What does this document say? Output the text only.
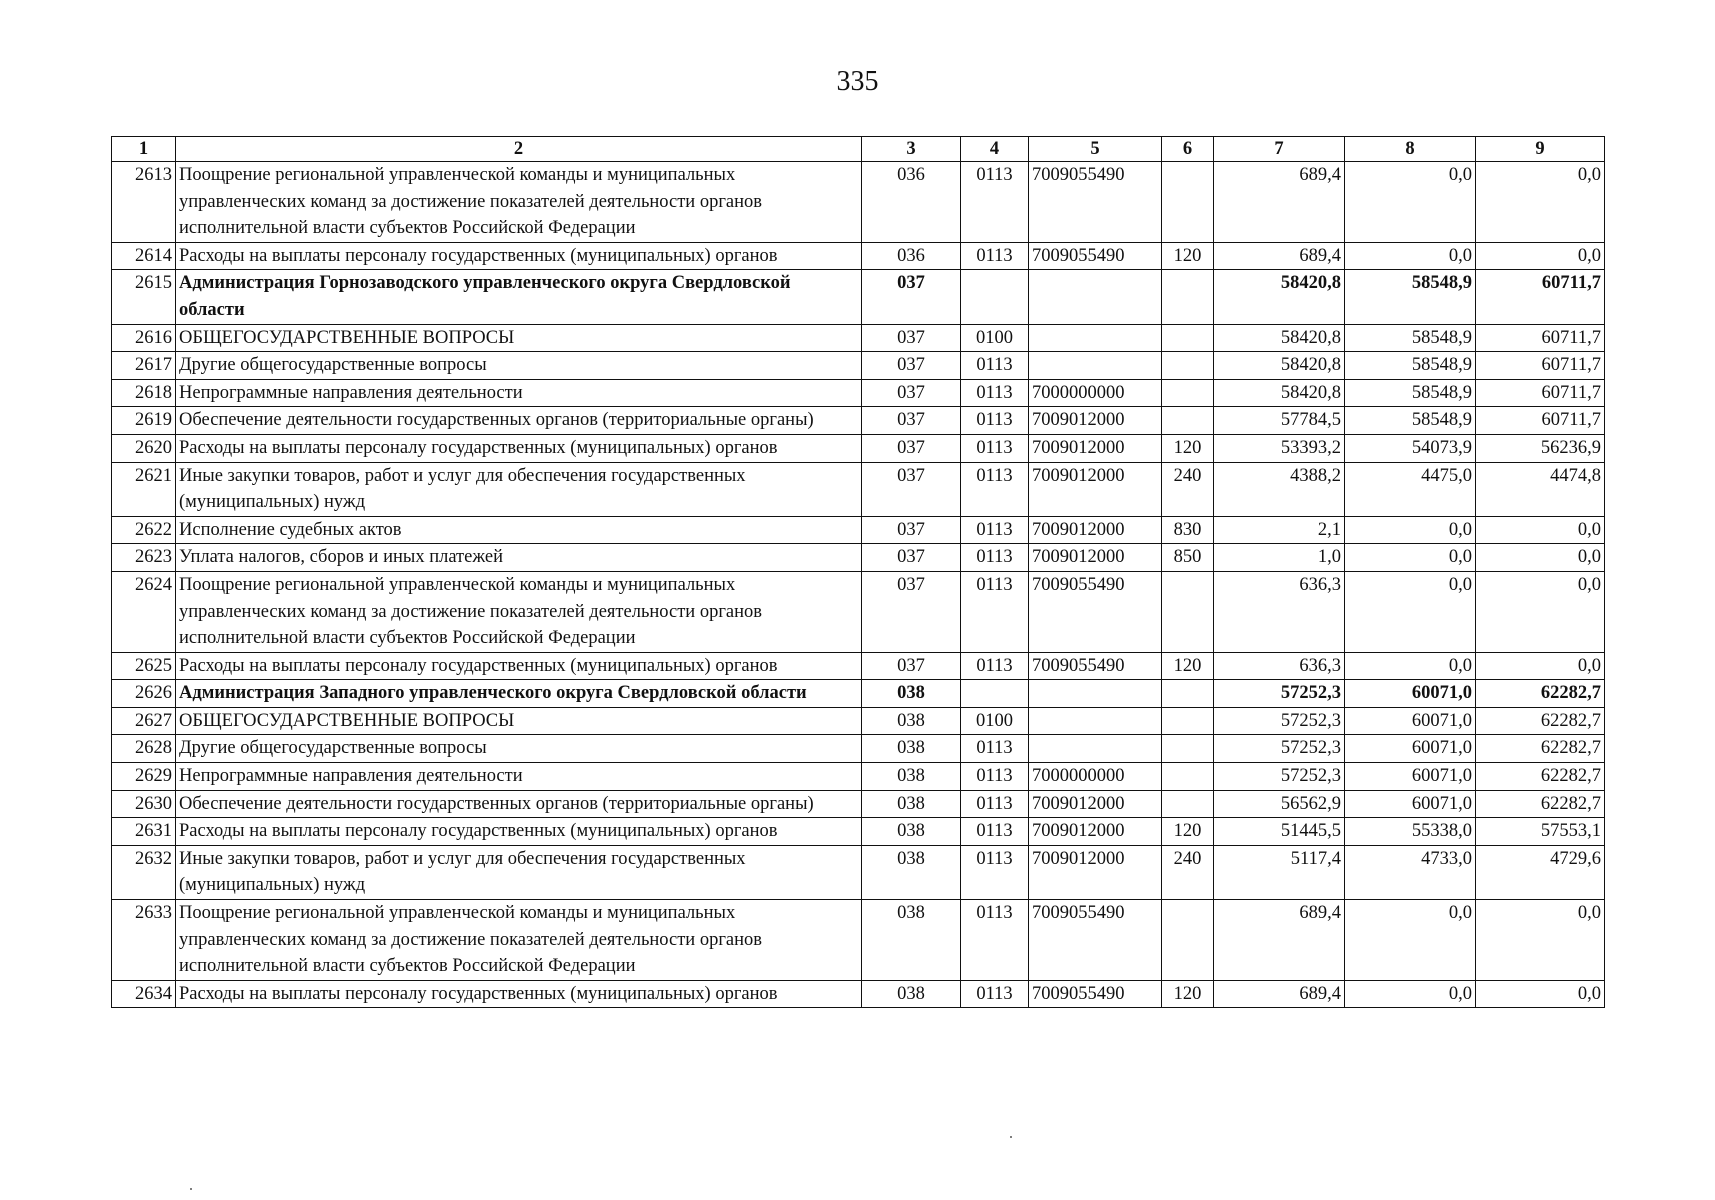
335
1	2	3	4	5	6	7	8	9
2613	Поощрение региональной управленческой команды и муниципальных управленческих команд за достижение показателей деятельности органов исполнительной власти субъектов Российской Федерации	036	0113	7009055490		689,4	0,0	0,0
2614	Расходы на выплаты персоналу государственных (муниципальных) органов	036	0113	7009055490	120	689,4	0,0	0,0
2615	Администрация Горнозаводского управленческого округа Свердловской области	037				58420,8	58548,9	60711,7
2616	ОБЩЕГОСУДАРСТВЕННЫЕ ВОПРОСЫ	037	0100			58420,8	58548,9	60711,7
2617	Другие общегосударственные вопросы	037	0113			58420,8	58548,9	60711,7
2618	Непрограммные направления деятельности	037	0113	7000000000		58420,8	58548,9	60711,7
2619	Обеспечение деятельности государственных органов (территориальные органы)	037	0113	7009012000		57784,5	58548,9	60711,7
2620	Расходы на выплаты персоналу государственных (муниципальных) органов	037	0113	7009012000	120	53393,2	54073,9	56236,9
2621	Иные закупки товаров, работ и услуг для обеспечения государственных (муниципальных) нужд	037	0113	7009012000	240	4388,2	4475,0	4474,8
2622	Исполнение судебных актов	037	0113	7009012000	830	2,1	0,0	0,0
2623	Уплата налогов, сборов и иных платежей	037	0113	7009012000	850	1,0	0,0	0,0
2624	Поощрение региональной управленческой команды и муниципальных управленческих команд за достижение показателей деятельности органов исполнительной власти субъектов Российской Федерации	037	0113	7009055490		636,3	0,0	0,0
2625	Расходы на выплаты персоналу государственных (муниципальных) органов	037	0113	7009055490	120	636,3	0,0	0,0
2626	Администрация Западного управленческого округа Свердловской области	038				57252,3	60071,0	62282,7
2627	ОБЩЕГОСУДАРСТВЕННЫЕ ВОПРОСЫ	038	0100			57252,3	60071,0	62282,7
2628	Другие общегосударственные вопросы	038	0113			57252,3	60071,0	62282,7
2629	Непрограммные направления деятельности	038	0113	7000000000		57252,3	60071,0	62282,7
2630	Обеспечение деятельности государственных органов (территориальные органы)	038	0113	7009012000		56562,9	60071,0	62282,7
2631	Расходы на выплаты персоналу государственных (муниципальных) органов	038	0113	7009012000	120	51445,5	55338,0	57553,1
2632	Иные закупки товаров, работ и услуг для обеспечения государственных (муниципальных) нужд	038	0113	7009012000	240	5117,4	4733,0	4729,6
2633	Поощрение региональной управленческой команды и муниципальных управленческих команд за достижение показателей деятельности органов исполнительной власти субъектов Российской Федерации	038	0113	7009055490		689,4	0,0	0,0
2634	Расходы на выплаты персоналу государственных (муниципальных) органов	038	0113	7009055490	120	689,4	0,0	0,0
